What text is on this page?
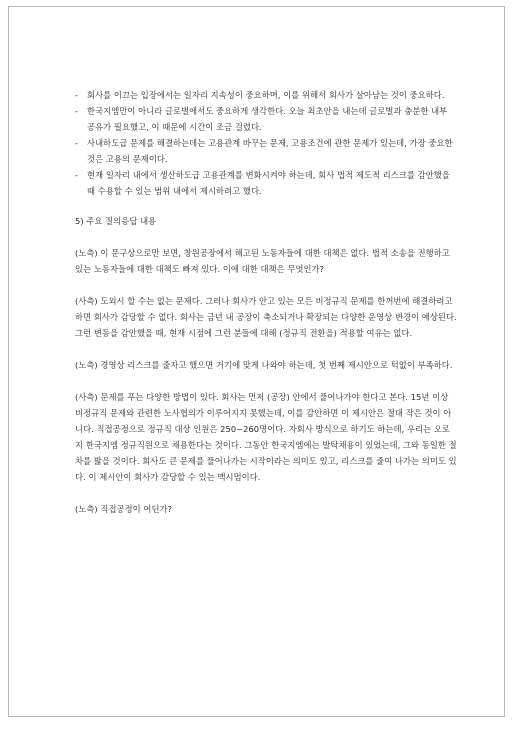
- 회사를 이끄는 입장에서는 일자리 지속성이 중요하며, 이를 위해서 회사가 살아남는 것이 중요하다.
- 한국지엠만이 아니라 글로벌에서도 중요하게 생각한다. 오늘 최초안을 내는데 글로벌과 충분한 내부 공유가 필요했고, 이 때문에 시간이 조금 걸렸다.
- 사내하도급 문제를 해결하는데는 고용관계 바꾸는 문제, 고용조건에 관한 문제가 있는데, 가장 중요한 것은 고용의 문제이다.
- 현재 일자리 내에서 생산하도급 고용관계를 변화시켜야 하는데, 회사 법적 제도적 리스크를 감안했을 때 수용할 수 있는 범위 내에서 제시하려고 했다.

5) 주요 질의응답 내용

(노측) 이 문구상으로만 보면, 창원공장에서 해고된 노동자들에 대한 대책은 없다. 법적 소송을 진행하고 있는 노동자들에 대한 대책도 빠져 있다. 이에 대한 대책은 무엇인가?

(사측) 도외시 할 수는 없는 문제다. 그러나 회사가 안고 있는 모든 비정규직 문제를 한꺼번에 해결하려고 하면 회사가 감당할 수 없다. 회사는 금년 내 공장이 축소되거나 확장되는 다양한 운영상 변경이 예상된다. 그런 변동을 감안했을 때, 현재 시점에 그런 분들에 대해 (정규직 전환을) 적용할 여유는 없다.

(노측) 경영상 리스크를 줄자고 했으면 거기에 맞게 나와야 하는데, 첫 번째 제시안으로 턱없이 부족하다.

(사측) 문제를 푸는 다양한 방법이 있다. 회사는 먼저 (공장) 안에서 풀어나가야 한다고 본다. 15년 이상 비정규직 문제와 관련한 노사협의가 이루어지지 못했는데, 이를 감안하면 이 제시안은 절대 작은 것이 아니다. 직접공정으로 정규직 대상 인원은 250~260명이다. 자회사 방식으로 하기도 하는데, 우리는 오로지 한국지엠 정규직원으로 채용한다는 것이다. 그동안 한국지엠에는 발탁채용이 있었는데, 그와 동일한 절차를 밟을 것이다. 회사도 큰 문제를 풀어나가는 시작이라는 의미도 있고, 리스크를 줄여 나가는 의미도 있다. 이 제시안이 회사가 감당할 수 있는 맥시멈이다.

(노측) 직접공정이 어딘가?
